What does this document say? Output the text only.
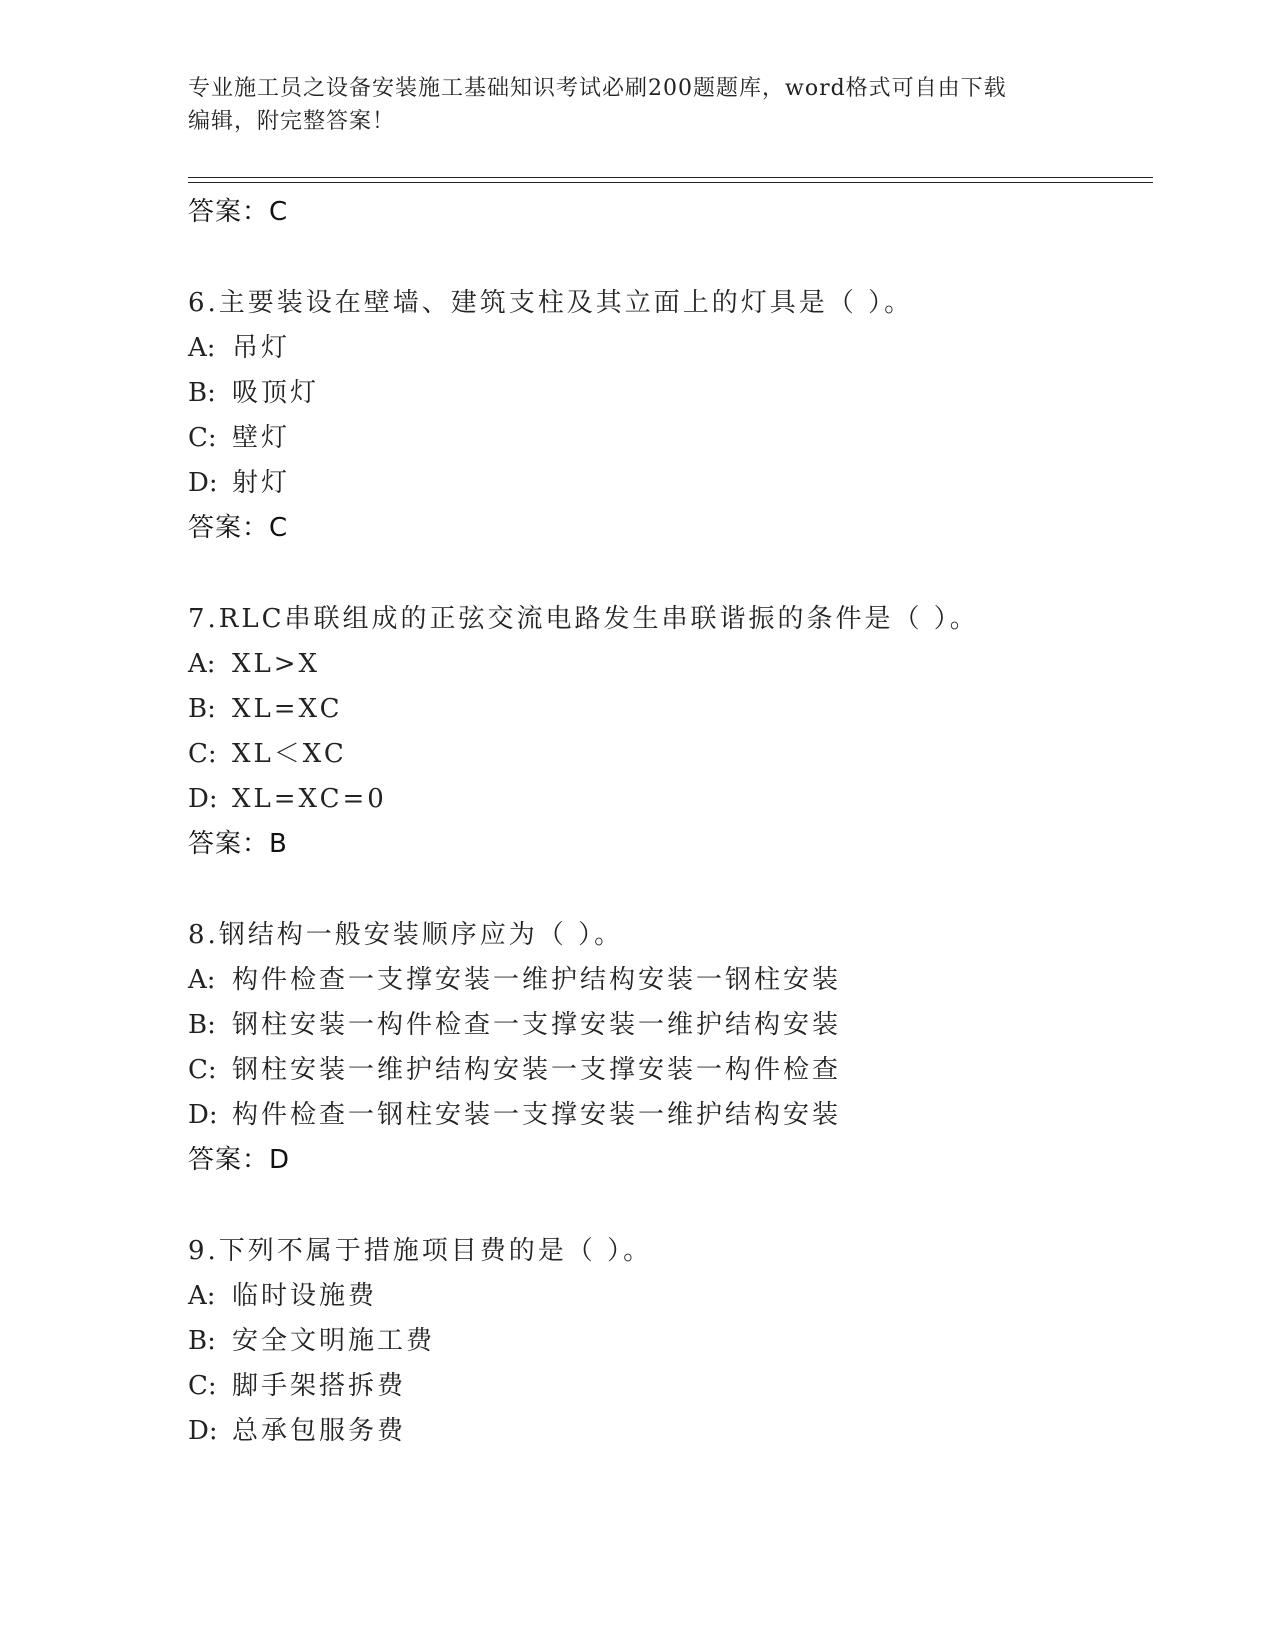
专业施工员之设备安装施工基础知识考试必刷200题题库，word格式可自由下载
编辑，附完整答案！
答案：C
6.主要装设在壁墙、建筑支柱及其立面上的灯具是（ ）。
A: 吊灯
B: 吸顶灯
C: 壁灯
D: 射灯
答案：C
7.RLC串联组成的正弦交流电路发生串联谐振的条件是（ ）。
A: XL>X
B: XL=XC
C: XL＜XC
D: XL=XC=0
答案：B
8.钢结构一般安装顺序应为（ ）。
A: 构件检查一支撑安装一维护结构安装一钢柱安装
B: 钢柱安装一构件检查一支撑安装一维护结构安装
C: 钢柱安装一维护结构安装一支撑安装一构件检查
D: 构件检查一钢柱安装一支撑安装一维护结构安装
答案：D
9.下列不属于措施项目费的是（ ）。
A: 临时设施费
B: 安全文明施工费
C: 脚手架搭拆费
D: 总承包服务费
